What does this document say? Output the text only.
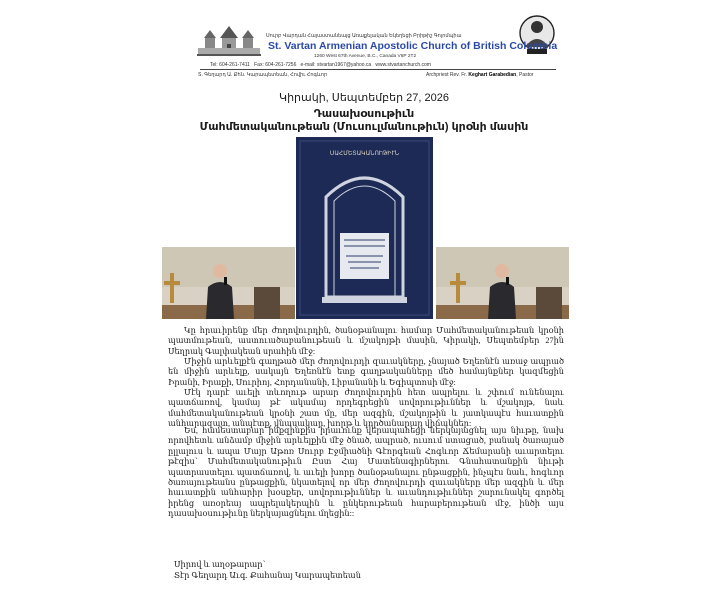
Սուրբ Վարդան Հայաստանեայց Առաքելական Եկեղեցի Բրիթիշ Գոլոմպիա
St. Vartan Armenian Apostolic Church of British Columbia
1260 West 67th Avenue, B.C., Canada V6P 2T2
Tel: 604-261-7411 Fax: 604-261-7256 e-mail: stvartan1967@yahoo.ca www.stvartanchurch.com
Տ. Գեղարդ Ա. Քհն. Կարապետեան, Հովիւ Հոգևոր	Archpriest Rev. Fr. Keghart Garabedian, Pastor
Կիրակի, Սեպտեմբեր 27, 2026
Դասախօսութիւն
Մահմետականութեան (Մուսուլմանութիւն) կրօնի մասին
ՍԱՀՄԵՏԱԿԱՆՈՒԹԻՒՆ
Կը հրաւիրենք մեր ժողովուրդին, ծանօթանալու համար Մահմետականութեան կրօնի պատմութեան, աստուածաբանութեան և մշակոյթի մասին, Կիրակի, Սեպտեմբեր 27ին Սեղրակ Գալփակեան սրահին մէջ:
Միջին արևելքէն գաղթած մեր ժողովուրդի զաւակները, չնայած Եղեռնէն առաջ ապրած են միջին արևելք, սակայն Եղեռնէն ետք գաղթականները մեծ համայնքներ կազմեցին Իրանի, Իրաքի, Սուրիոյ, Հորդանանի, Լիբանանի և Եգիպտոսի մէջ:
Մէկ դարէ աւելի տևողութ արար ժողովուրդին հետ ապրելու և շփում ունենալու պատճառով, կամայ թէ ակամայ որդեգրեցին սովորութիւններ և մշակոյթ, նաև մահմետականութեան կրօնի շատ մը, մեր ազգին, մշակոյթին և յատկապէս հաւատքին անհարազատ, անպէտք, վնասակար, խորթ և կործանարար վիճակներ:
Ես, համեստաբար ինքզինքիս իրաւունք վերապահեցի ներկայացնել այս նիւթը, նախ որովհետև անձամբ միջին արևելքին մէջ ծնած, ապրած, ուսում ստացած, բանակ ծառայած ըլլալուս և ապա Մայր Աթոռ Սուրբ Էջմիածնի Գէորգեան Հոգևոր Ճեմարանի աւարտելու թէզիս՝ Մահմետականութիւն Ըստ Հայ Մատենագիրներու Գնահատանքին նիւթի պատրաստելու պատճառով, և աւելի խորը ծանօթանալու ընթացքին, ինչպէս նաև, հոգևոր ծառայութեանս ընթացքին, նկատելով որ մեր ժողովուրդի զաւակները մեր ազգին և մեր հաւատքին անհարիր խօսքեր, սովորութիւններ և աւանդութիւններ շարունակել գործել իրենց առօրեայ ապրելակերպին և ընկերութեան հարաբերութեան մէջ, ինծի այս դասախօսութիւնը ներկայացնելու մղեցին::
Սիրով և աղօթարար՝
Տէր Գեղարդ Աւգ. Քահանայ Կարապետեան
